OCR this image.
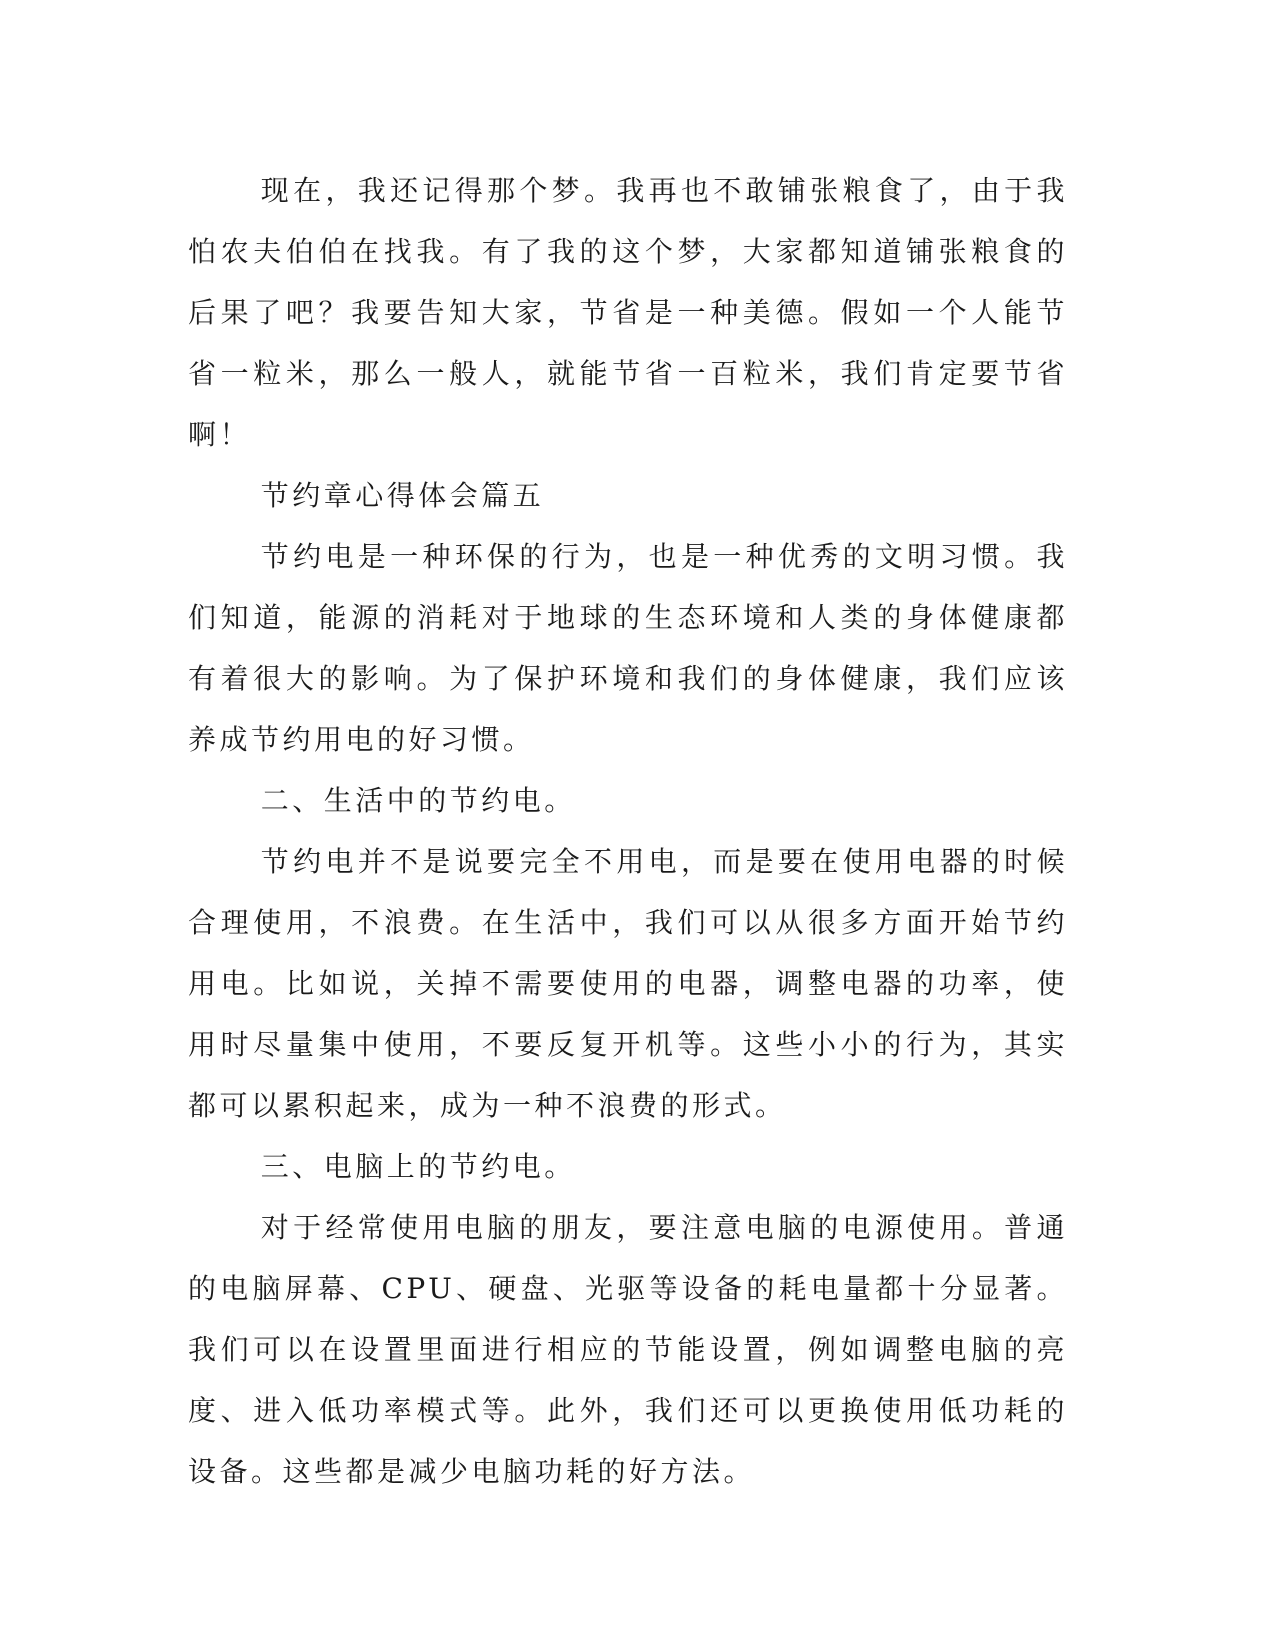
现在，我还记得那个梦。我再也不敢铺张粮食了，由于我怕农夫伯伯在找我。有了我的这个梦，大家都知道铺张粮食的后果了吧？我要告知大家，节省是一种美德。假如一个人能节省一粒米，那么一般人，就能节省一百粒米，我们肯定要节省啊！

节约章心得体会篇五

节约电是一种环保的行为，也是一种优秀的文明习惯。我们知道，能源的消耗对于地球的生态环境和人类的身体健康都有着很大的影响。为了保护环境和我们的身体健康，我们应该养成节约用电的好习惯。

二、生活中的节约电。

节约电并不是说要完全不用电，而是要在使用电器的时候合理使用，不浪费。在生活中，我们可以从很多方面开始节约用电。比如说，关掉不需要使用的电器，调整电器的功率，使用时尽量集中使用，不要反复开机等。这些小小的行为，其实都可以累积起来，成为一种不浪费的形式。

三、电脑上的节约电。

对于经常使用电脑的朋友，要注意电脑的电源使用。普通的电脑屏幕、CPU、硬盘、光驱等设备的耗电量都十分显著。我们可以在设置里面进行相应的节能设置，例如调整电脑的亮度、进入低功率模式等。此外，我们还可以更换使用低功耗的设备。这些都是减少电脑功耗的好方法。
